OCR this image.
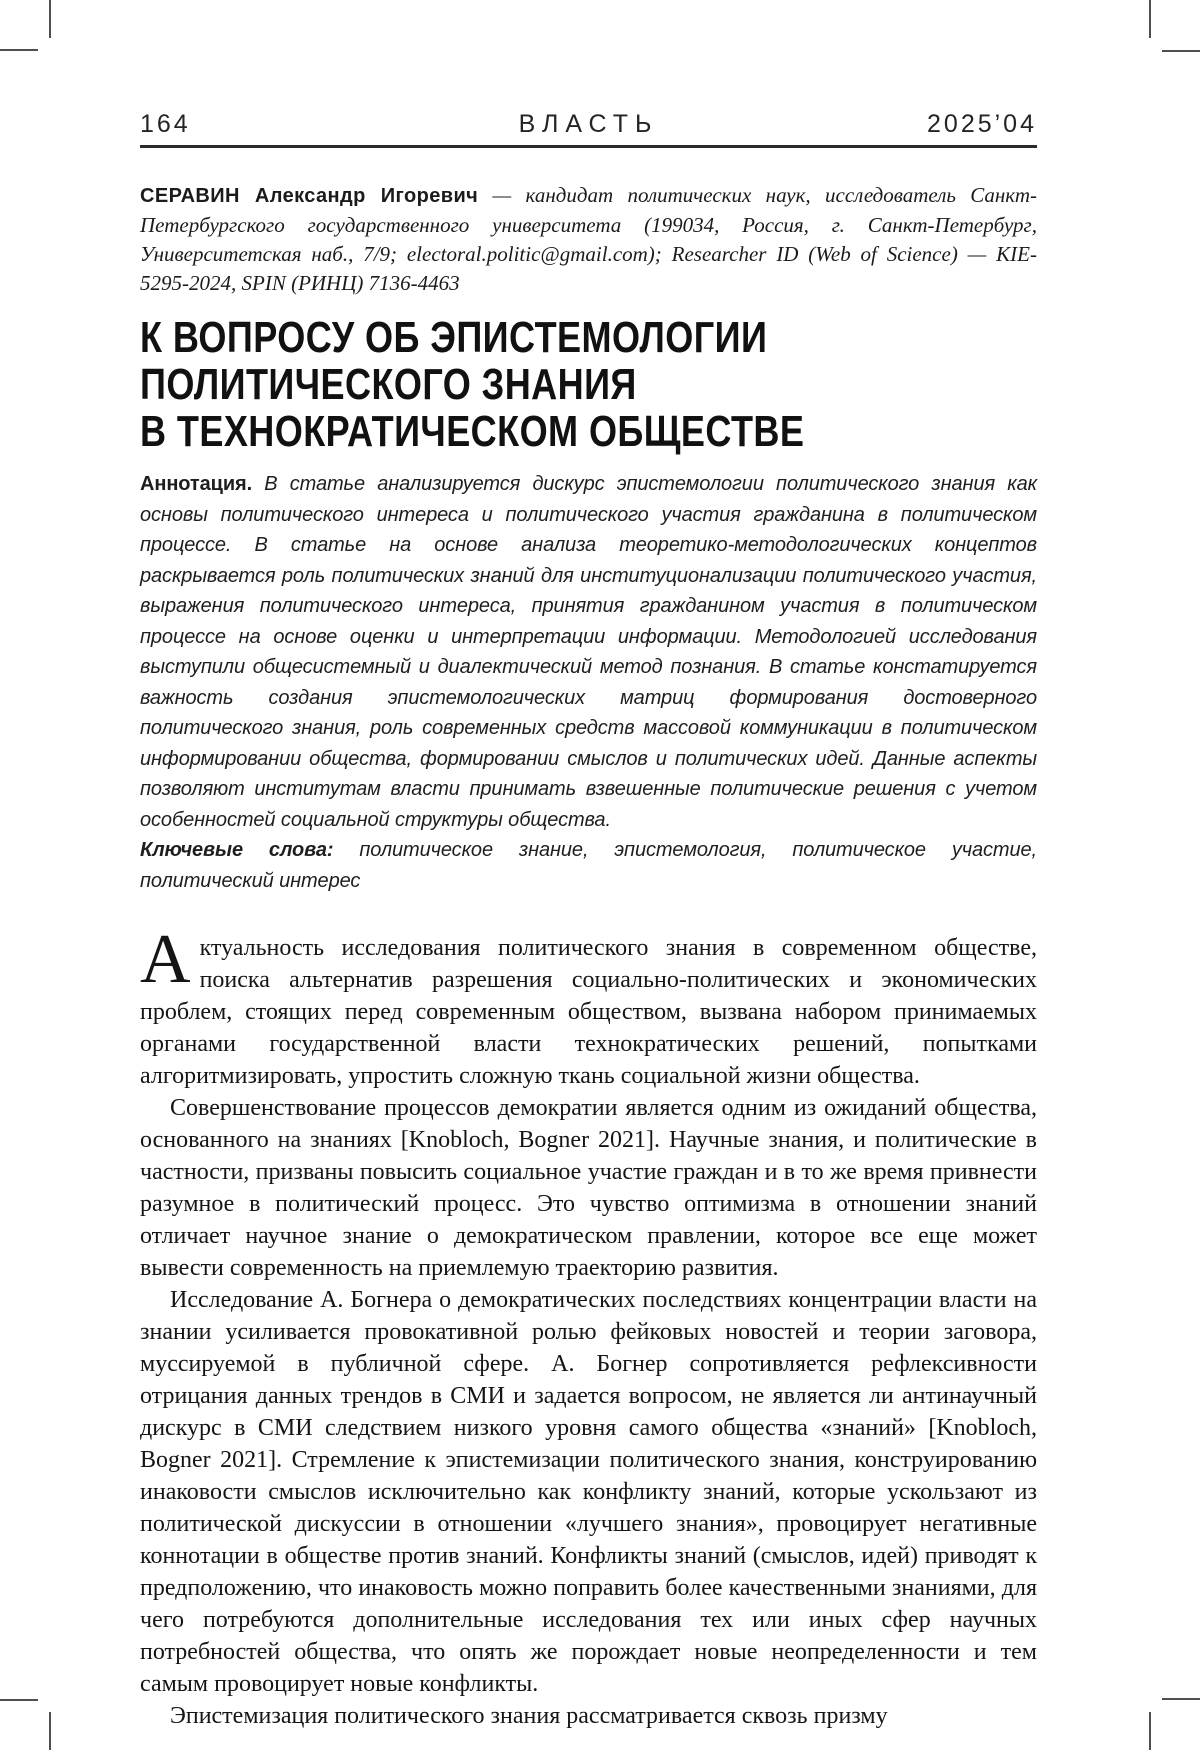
164	ВЛАСТЬ	2025’04

СЕРАВИН Александр Игоревич — кандидат политических наук, исследователь Санкт-Петербургского государственного университета (199034, Россия, г. Санкт-Петербург, Университетская наб., 7/9; electoral.politic@gmail.com); Researcher ID (Web of Science) — KIE-5295-2024, SPIN (РИНЦ) 7136-4463

К ВОПРОСУ ОБ ЭПИСТЕМОЛОГИИ
ПОЛИТИЧЕСКОГО ЗНАНИЯ
В ТЕХНОКРАТИЧЕСКОМ ОБЩЕСТВЕ

Аннотация. В статье анализируется дискурс эпистемологии политического знания как основы политического интереса и политического участия гражданина в политическом процессе. В статье на основе анализа теоретико-методологических концептов раскрывается роль политических знаний для институционализации политического участия, выражения политического интереса, принятия гражданином участия в политическом процессе на основе оценки и интерпретации информации. Методологией исследования выступили общесистемный и диалектический метод познания. В статье констатируется важность создания эпистемологических матриц формирования достоверного политического знания, роль современных средств массовой коммуникации в политическом информировании общества, формировании смыслов и политических идей. Данные аспекты позволяют институтам власти принимать взвешенные политические решения с учетом особенностей социальной структуры общества.

Ключевые слова: политическое знание, эпистемология, политическое участие, политический интерес

Актуальность исследования политического знания в современном обществе, поиска альтернатив разрешения социально-политических и экономических проблем, стоящих перед современным обществом, вызвана набором принимаемых органами государственной власти технократических решений, попытками алгоритмизировать, упростить сложную ткань социальной жизни общества.

Совершенствование процессов демократии является одним из ожиданий общества, основанного на знаниях [Knobloch, Bogner 2021]. Научные знания, и политические в частности, призваны повысить социальное участие граждан и в то же время привнести разумное в политический процесс. Это чувство оптимизма в отношении знаний отличает научное знание о демократическом правлении, которое все еще может вывести современность на приемлемую траекторию развития.

Исследование А. Богнера о демократических последствиях концентрации власти на знании усиливается провокативной ролью фейковых новостей и теории заговора, муссируемой в публичной сфере. А. Богнер сопротивляется рефлексивности отрицания данных трендов в СМИ и задается вопросом, не является ли антинаучный дискурс в СМИ следствием низкого уровня самого общества «знаний» [Knobloch, Bogner 2021]. Стремление к эпистемизации политического знания, конструированию инаковости смыслов исключительно как конфликту знаний, которые ускользают из политической дискуссии в отношении «лучшего знания», провоцирует негативные коннотации в обществе против знаний. Конфликты знаний (смыслов, идей) приводят к предположению, что инаковость можно поправить более качественными знаниями, для чего потребуются дополнительные исследования тех или иных сфер научных потребностей общества, что опять же порождает новые неопределенности и тем самым провоцирует новые конфликты.

Эпистемизация политического знания рассматривается сквозь призму
